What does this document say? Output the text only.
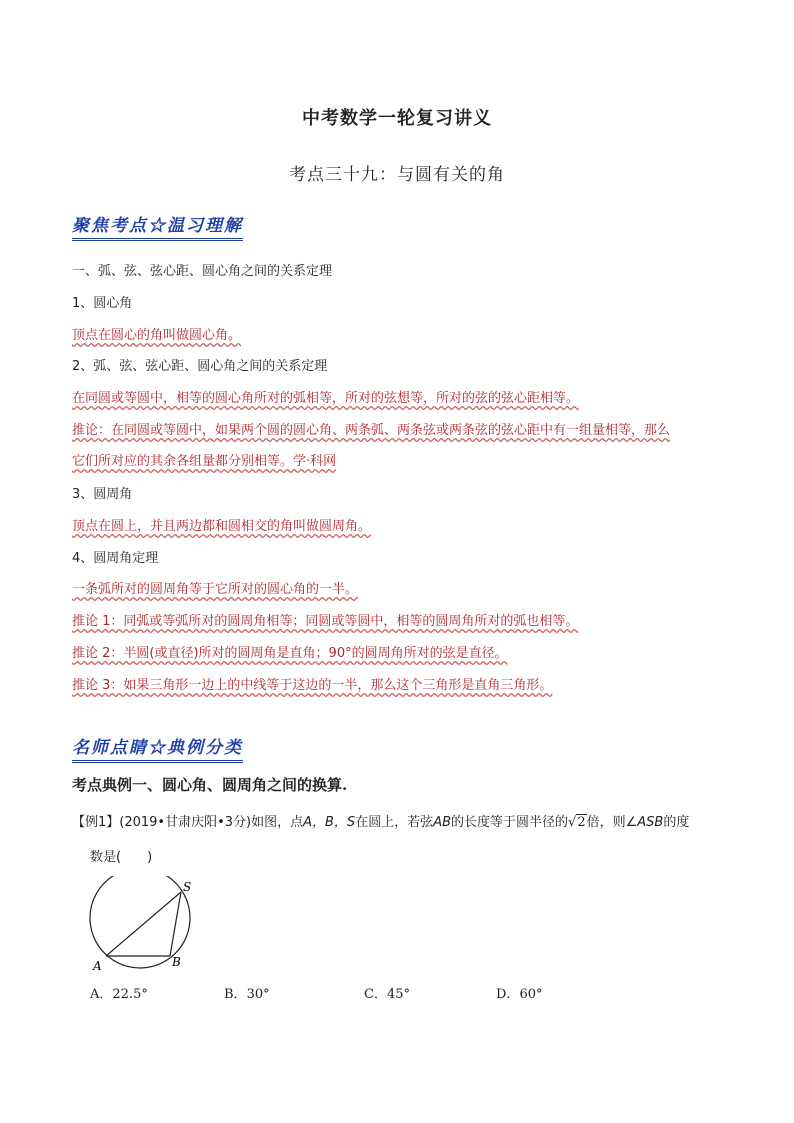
中考数学一轮复习讲义
考点三十九：与圆有关的角
聚焦考点☆温习理解
一、弧、弦、弦心距、圆心角之间的关系定理
1、圆心角
顶点在圆心的角叫做圆心角。
2、弧、弦、弦心距、圆心角之间的关系定理
在同圆或等圆中，相等的圆心角所对的弧相等，所对的弦想等，所对的弦的弦心距相等。
推论：在同圆或等圆中，如果两个圆的圆心角、两条弧、两条弦或两条弦的弦心距中有一组量相等，那么
它们所对应的其余各组量都分别相等。学·科网
3、圆周角
顶点在圆上，并且两边都和圆相交的角叫做圆周角。
4、圆周角定理
一条弧所对的圆周角等于它所对的圆心角的一半。
推论 1：同弧或等弧所对的圆周角相等；同圆或等圆中，相等的圆周角所对的弧也相等。
推论 2：半圆(或直径)所对的圆周角是直角；90°的圆周角所对的弦是直径。
推论 3：如果三角形一边上的中线等于这边的一半，那么这个三角形是直角三角形。
名师点睛☆典例分类
考点典例一、圆心角、圆周角之间的换算.
【例1】(2019•甘肃庆阳•3分)如图，点A，B，S在圆上，若弦AB的长度等于圆半径的√2倍，则∠ASB的度
数是(　　)
S
A	B
A．22.5°	B．30°	C．45°	D．60°
